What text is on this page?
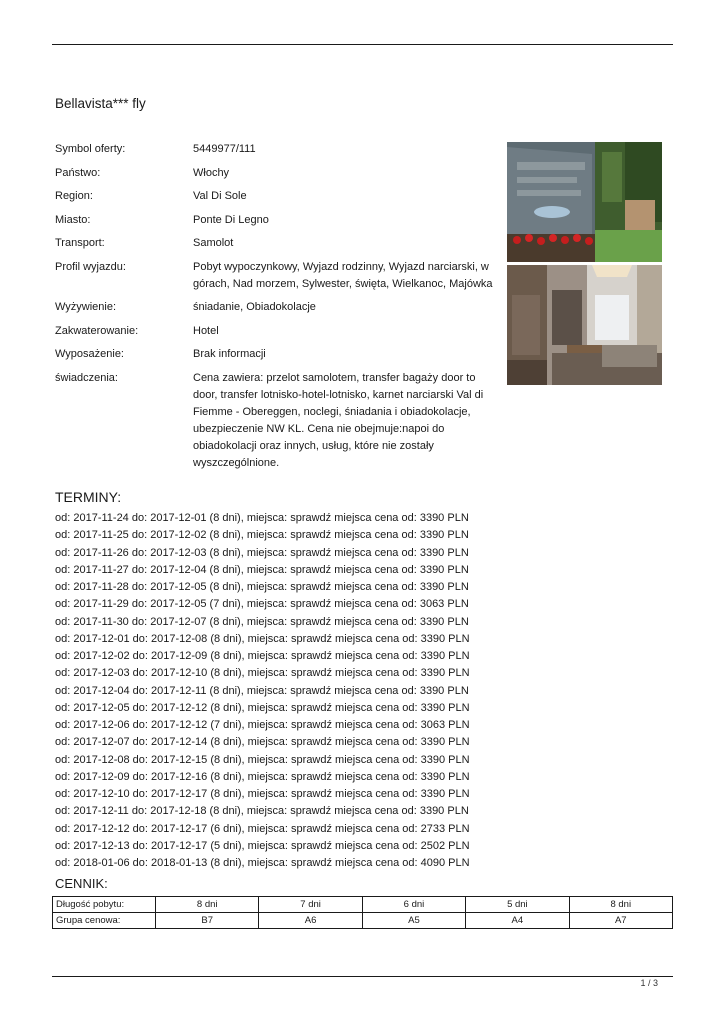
Bellavista*** fly
Symbol oferty:	5449977/111
Państwo:	Włochy
Region:	Val Di Sole
Miasto:	Ponte Di Legno
Transport:	Samolot
Profil wyjazdu:	Pobyt wypoczynkowy, Wyjazd rodzinny, Wyjazd narciarski, w górach, Nad morzem, Sylwester, święta, Wielkanoc, Majówka
Wyżywienie:	śniadanie, Obiadokolacje
Zakwaterowanie:	Hotel
Wyposażenie:	Brak informacji
świadczenia:	Cena zawiera: przelot samolotem, transfer bagaży door to door, transfer lotnisko-hotel-lotnisko, karnet narciarski Val di Fiemme - Obereggen, noclegi, śniadania i obiadokolacje, ubezpieczenie NW KL. Cena nie obejmuje:napoi do obiadokolacji oraz innych, usług, które nie zostały wyszczególnione.
TERMINY:
od: 2017-11-24 do: 2017-12-01 (8 dni), miejsca: sprawdź miejsca cena od: 3390 PLN
od: 2017-11-25 do: 2017-12-02 (8 dni), miejsca: sprawdź miejsca cena od: 3390 PLN
od: 2017-11-26 do: 2017-12-03 (8 dni), miejsca: sprawdź miejsca cena od: 3390 PLN
od: 2017-11-27 do: 2017-12-04 (8 dni), miejsca: sprawdź miejsca cena od: 3390 PLN
od: 2017-11-28 do: 2017-12-05 (8 dni), miejsca: sprawdź miejsca cena od: 3390 PLN
od: 2017-11-29 do: 2017-12-05 (7 dni), miejsca: sprawdź miejsca cena od: 3063 PLN
od: 2017-11-30 do: 2017-12-07 (8 dni), miejsca: sprawdź miejsca cena od: 3390 PLN
od: 2017-12-01 do: 2017-12-08 (8 dni), miejsca: sprawdź miejsca cena od: 3390 PLN
od: 2017-12-02 do: 2017-12-09 (8 dni), miejsca: sprawdź miejsca cena od: 3390 PLN
od: 2017-12-03 do: 2017-12-10 (8 dni), miejsca: sprawdź miejsca cena od: 3390 PLN
od: 2017-12-04 do: 2017-12-11 (8 dni), miejsca: sprawdź miejsca cena od: 3390 PLN
od: 2017-12-05 do: 2017-12-12 (8 dni), miejsca: sprawdź miejsca cena od: 3390 PLN
od: 2017-12-06 do: 2017-12-12 (7 dni), miejsca: sprawdź miejsca cena od: 3063 PLN
od: 2017-12-07 do: 2017-12-14 (8 dni), miejsca: sprawdź miejsca cena od: 3390 PLN
od: 2017-12-08 do: 2017-12-15 (8 dni), miejsca: sprawdź miejsca cena od: 3390 PLN
od: 2017-12-09 do: 2017-12-16 (8 dni), miejsca: sprawdź miejsca cena od: 3390 PLN
od: 2017-12-10 do: 2017-12-17 (8 dni), miejsca: sprawdź miejsca cena od: 3390 PLN
od: 2017-12-11 do: 2017-12-18 (8 dni), miejsca: sprawdź miejsca cena od: 3390 PLN
od: 2017-12-12 do: 2017-12-17 (6 dni), miejsca: sprawdź miejsca cena od: 2733 PLN
od: 2017-12-13 do: 2017-12-17 (5 dni), miejsca: sprawdź miejsca cena od: 2502 PLN
od: 2018-01-06 do: 2018-01-13 (8 dni), miejsca: sprawdź miejsca cena od: 4090 PLN
CENNIK:
Długość pobytu:	8 dni	7 dni	6 dni	5 dni	8 dni
Grupa cenowa:	B7	A6	A5	A4	A7
1 / 3
